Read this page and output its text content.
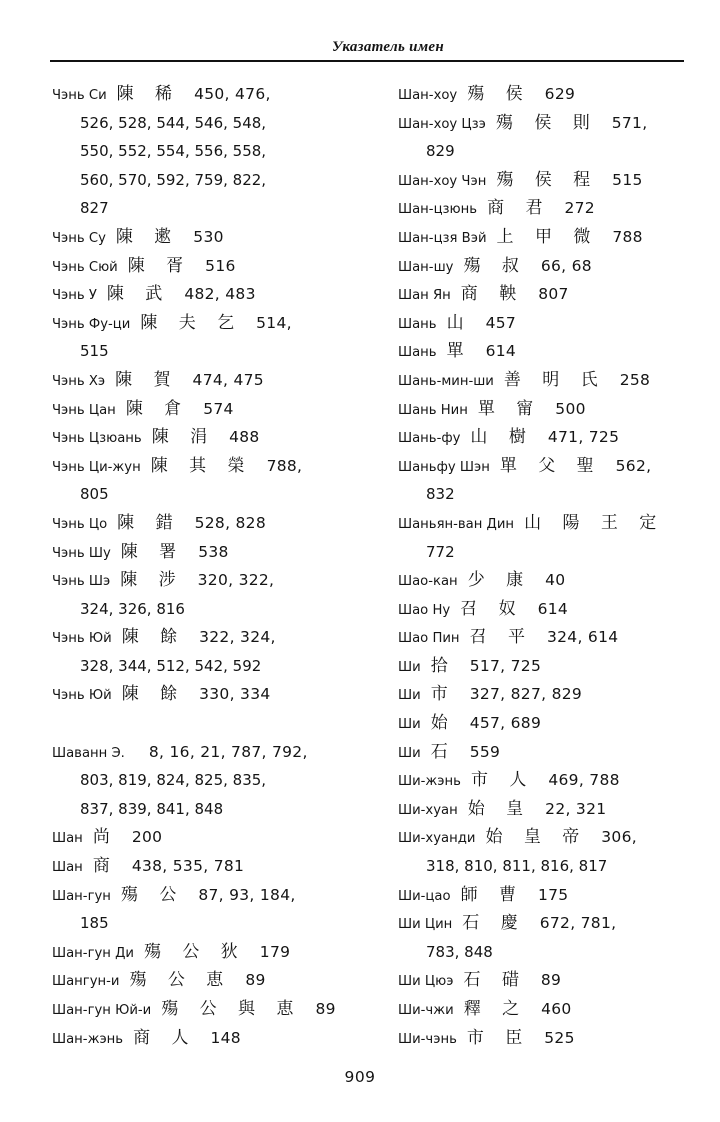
Указатель имен
Чэнь Си 陳 稀 450, 476,
526, 528, 544, 546, 548,
550, 552, 554, 556, 558,
560, 570, 592, 759, 822,
827
Чэнь Су 陳 遬 530
Чэнь Сюй 陳 胥 516
Чэнь У 陳 武 482, 483
Чэнь Фу-ци 陳 夫 乞 514,
515
Чэнь Хэ 陳 賀 474, 475
Чэнь Цан 陳 倉 574
Чэнь Цзюань 陳 涓 488
Чэнь Ци-жун 陳 其 榮 788,
805
Чэнь Цо 陳 錯 528, 828
Чэнь Шу 陳 署 538
Чэнь Шэ 陳 涉 320, 322,
324, 326, 816
Чэнь Юй 陳 餘 322, 324,
328, 344, 512, 542, 592
Чэнь Юй 陳 餘 330, 334
Шаванн Э. 8, 16, 21, 787, 792,
803, 819, 824, 825, 835,
837, 839, 841, 848
Шан 尚 200
Шан 商 438, 535, 781
Шан-гун 殤 公 87, 93, 184,
185
Шан-гун Ди 殤 公 狄 179
Шангун-и 殤 公 恵 89
Шан-гун Юй-и 殤 公 與 恵 89
Шан-жэнь 商 人 148
Шан-хоу 殤 侯 629
Шан-хоу Цзэ 殤 侯 則 571,
829
Шан-хоу Чэн 殤 侯 程 515
Шан-цзюнь 商 君 272
Шан-цзя Вэй 上 甲 微 788
Шан-шу 殤 叔 66, 68
Шан Ян 商 鞅 807
Шань 山 457
Шань 單 614
Шань-мин-ши 善 明 氏 258
Шань Нин 單 甯 500
Шань-фу 山 樹 471, 725
Шаньфу Шэн 單 父 聖 562,
832
Шаньян-ван Дин 山 陽 王 定
772
Шао-кан 少 康 40
Шао Ну 召 奴 614
Шао Пин 召 平 324, 614
Ши 拾 517, 725
Ши 市 327, 827, 829
Ши 始 457, 689
Ши 石 559
Ши-жэнь 市 人 469, 788
Ши-хуан 始 皇 22, 321
Ши-хуанди 始 皇 帝 306,
318, 810, 811, 816, 817
Ши-цао 師 曹 175
Ши Цин 石 慶 672, 781,
783, 848
Ши Цюэ 石 碏 89
Ши-чжи 釋 之 460
Ши-чэнь 市 臣 525
909
